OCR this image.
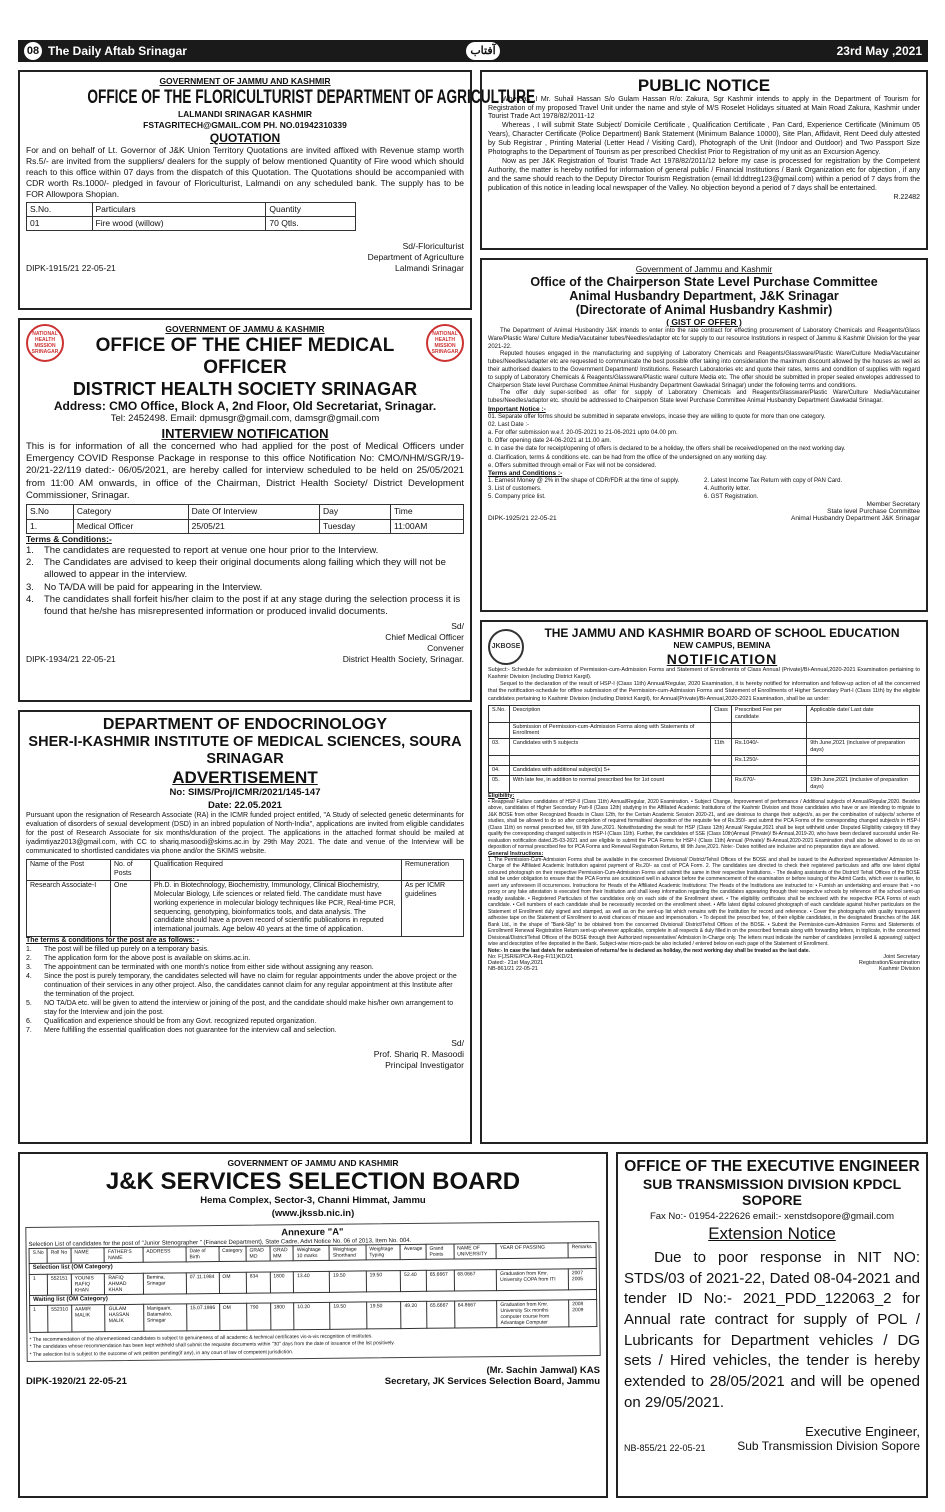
08 The Daily Aftab Srinagar	آفتاب	23rd May ,2021
GOVERNMENT OF JAMMU AND KASHMIR
OFFICE OF THE FLORICULTURIST DEPARTMENT OF AGRICULTURE
LALMANDI SRINAGAR KASHMIR
FSTAGRITECH@GMAIL.COM PH. NO.01942310339
QUOTATION
For and on behalf of Lt. Governor of J&K Union Territory Quotations are invited affixed with Revenue stamp worth Rs.5/- are invited from the suppliers/ dealers for the supply of below mentioned Quantity of Fire wood which should reach to this office within 07 days from the dispatch of this Quotation. The Quotations should be accompanied with CDR worth Rs.1000/- pledged in favour of Floriculturist, Lalmandi on any scheduled bank. The supply has to be FOR Allowpora Shopian.
S.No.	Particulars	Quantity
01	Fire wood (willow)	70 Qtls.
DIPK-1915/21 22-05-21
Sd/-Floriculturist
Department of Agriculture
Lalmandi Srinagar
NATIONAL HEALTH MISSION SRINAGAR
GOVERNMENT OF JAMMU & KASHMIR
OFFICE OF THE CHIEF MEDICAL OFFICER
DISTRICT HEALTH SOCIETY SRINAGAR
NATIONAL HEALTH MISSION SRINAGAR
Address: CMO Office, Block A, 2nd Floor, Old Secretariat, Srinagar.
Tel: 2452498. Email: dpmusgr@gmail.com, damsgr@gmail.com
INTERVIEW NOTIFICATION
This is for information of all the concerned who had applied for the post of Medical Officers under Emergency COVID Response Package in response to this office Notification No: CMO/NHM/SGR/19-20/21-22/119 dated:- 06/05/2021, are hereby called for interview scheduled to be held on 25/05/2021 from 11:00 AM onwards, in office of the Chairman, District Health Society/ District Development Commissioner, Srinagar.
S.No	Category	Date Of Interview	Day	Time
1.	Medical Officer	25/05/21	Tuesday	11:00AM
Terms & Conditions:-
1.	The candidates are requested to report at venue one hour prior to the Interview.
2.	The Candidates are advised to keep their original documents along failing which they will not be allowed to appear in the interview.
3.	No TA/DA will be paid for appearing in the Interview.
4.	The candidates shall forfeit his/her claim to the post if at any stage during the selection process it is found that he/she has misrepresented information or produced invalid documents.
DIPK-1934/21 22-05-21
Sd/
Chief Medical Officer
Convener
District Health Society, Srinagar.
DEPARTMENT OF ENDOCRINOLOGY
SHER-I-KASHMIR INSTITUTE OF MEDICAL SCIENCES, SOURA SRINAGAR
ADVERTISEMENT
No: SIMS/Proj/ICMR/2021/145-147
Date: 22.05.2021
Pursuant upon the resignation of Research Associate (RA) in the ICMR funded project entitled, "A Study of selected genetic determinants for evaluation of disorders of sexual development (DSD) in an inbred population of North-India", applications are invited from eligible candidates for the post of Research Associate for six months/duration of the project. The applications in the attached format should be mailed at iyadimtiyaz2013@gmail.com, with CC to shariq.masoodi@skims.ac.in by 29th May 2021. The date and venue of the Interview will be communicated to shortlisted candidates via phone and/or the SKIMS website.
Name of the Post	No. of Posts	Qualification Required	Remuneration
Research Associate-I	One	Ph.D. in Biotechnology, Biochemistry, Immunology, Clinical Biochemistry, Molecular Biology, Life sciences or related field. The candidate must have working experience in molecular biology techniques like PCR, Real-time PCR, sequencing, genotyping, bioinformatics tools, and data analysis. The candidate should have a proven record of scientific publications in reputed international journals. Age below 40 years at the time of application.	As per ICMR guidelines
The terms & conditions for the post are as follows: -
1.	The post will be filled up purely on a temporary basis.
2.	The application form for the above post is available on skims.ac.in.
3.	The appointment can be terminated with one month's notice from either side without assigning any reason.
4.	Since the post is purely temporary, the candidates selected will have no claim for regular appointments under the above project or the continuation of their services in any other project. Also, the candidates cannot claim for any regular appointment at this Institute after the termination of the project.
5.	NO TA/DA etc. will be given to attend the interview or joining of the post, and the candidate should make his/her own arrangement to stay for the Interview and join the post.
6.	Qualification and experience should be from any Govt. recognized reputed organization.
7.	Mere fulfilling the essential qualification does not guarantee for the interview call and selection.
Sd/
Prof. Shariq R. Masoodi
Principal Investigator
PUBLIC NOTICE
Whereas ,I Mr. Suhail Hassan S/o Gulam Hassan R/o: Zakura, Sgr Kashmir intends to apply in the Department of Tourism for Registration of my proposed Travel Unit under the name and style of M/S Roselet Holidays situated at Main Road Zakura, Kashmir under Tourist Trade Act 1978/82/2011-12
Whereas , I will submit State Subject/ Domicile Certificate , Qualification Certificate , Pan Card, Experience Certificate (Minimum 05 Years), Character Certificate (Police Department) Bank Statement (Minimum Balance 10000), Site Plan, Affidavit, Rent Deed duly attested by Sub Registrar , Printing Material (Letter Head / Visiting Card), Photograph of the Unit (Indoor and Outdoor) and Two Passport Size Photographs to the Department of Tourism as per prescribed Checklist Prior to Registration of my unit as an Excursion Agency.
Now as per J&K Registration of Tourist Trade Act 1978/82/2011/12 before my case is processed for registration by the Competent Authority, the matter is hereby notified for information of general public / Financial Institutions / Bank Organization etc for objection , if any and the same should reach to the Deputy Director Tourism Registration (email Id:ddtreg123@gmail.com) within a period of 7 days from the publication of this notice in leading local newspaper of the Valley. No objection beyond a period of 7 days shall be entertained.
R.22482
Government of Jammu and Kashmir
Office of the Chairperson State Level Purchase Committee
Animal Husbandry Department, J&K Srinagar
(Directorate of Animal Husbandry Kashmir)
( GIST OF OFFER )
The Department of Animal Husbandry J&K intends to enter into the rate contract for effecting procurement of Laboratory Chemicals and Reagents/Glass Ware/Plastic Ware/ Culture Media/Vacutainer tubes/Needles/adaptor etc for supply to our resource Institutions in respect of Jammu & Kashmir Division for the year 2021-22.
Reputed houses engaged in the manufacturing and supplying of Laboratory Chemicals and Reagents/Glassware/Plastic Ware/Culture Media/Vacutainer tubes/Needles/adapter etc are requested to communicate the best possible offer taking into consideration the maximum discount allowed by the houses as well as their authorised dealers to the Government Department/ Institutions. Research Laboratories etc and quote their rates, terms and condition of supplies with regard to supply of Laboratory Chemicals & Reagents/Glassware/Plastic ware/ culture Media etc. The offer should be submitted in proper sealed envelopes addressed to Chairperson State level Purchase Committee Animal Husbandry Department Gawkadal Srinagar) under the following terms and conditions.
The offer duly super-scribed as offer for supply of Laboratory Chemicals and Reagents/Glassware/Plastic Ware/Culture Media/Vacutainer tubes/Needles/adaptor etc. should be addressed to Chairperson State level Purchase Committee Animal Husbandry Department Gawkadal Srinagar.
Important Notice :-
01. Separate offer forms should be submitted in separate envelops, incase they are willing to quote for more than one category.
02. Last Date :-
a. For offer submission w.e.f. 20-05-2021 to 21-06-2021 upto 04.00 pm.
b. Offer opening date 24-06-2021 at 11.00 am.
c. In case the date for receipt/opening of offers is declared to be a holiday, the offers shall be received/opened on the next working day.
d. Clarification, terms & conditions etc. can be had from the office of the undersigned on any working day.
e. Offers submitted through email or Fax will not be considered.
Terms and Conditions :-
1. Earnest Money @ 2% in the shape of CDR/FDR at the time of supply.	2. Latest Income Tax Return with copy of PAN Card.
3. List of customers.	4. Authority letter.
5. Company price list.	6. GST Registration.
DIPK-1925/21 22-05-21
Member Secretary
State level Purchase Committee
Animal Husbandry Department J&K Srinagar
JKBOSE
THE JAMMU AND KASHMIR BOARD OF SCHOOL EDUCATION
NEW CAMPUS, BEMINA
NOTIFICATION
Subject:- Schedule for submission of Permission-cum-Admission Forms and Statement of Enrollments of Class Annual (Private)/Bi-Annual,2020-2021 Examination pertaining to Kashmir Division (including District Kargil).
Sequel to the declaration of the result of HSP-I (Class 11th) Annual/Regular, 2020 Examination, it is hereby notified for information and follow-up action of all the concerned that the notification-schedule for offline submission of the Permission-cum-Admission Forms and Statement of Enrollments of Higher Secondary Part-I (Class 11th) by the eligible candidates pertaining to Kashmir Division (including District Kargil), for Annual(Private)/Bi-Annual,2020-2021 Examination, shall be as under:
S.No.	Description	Class	Prescribed Fee per candidate	Applicable date/ Last date
	Submission of Permission-cum-Admission Forms along with Statements of Enrollment			
03.	Candidates with 5 subjects	11th	Rs.1040/-	9th June,2021 (inclusive of preparation days)
			Rs.1250/-	
04.	Candidates with additional subject(s) 5+			
05.	With late fee, in addition to normal prescribed fee for 1st count		Rs.670/-	19th June,2021 (inclusive of preparation days)
Eligibility:
• Reappear/ Failure candidates of HSP-II (Class 11th) Annual/Regular, 2020 Examination. • Subject Change, Improvement of performance / Additional subjects of Annual/Regular,2020. Besides above, candidates of Higher Secondary Part-II (Class 12th) studying in the Affiliated Academic Institutions of the Kashmir Division and those candidates who have or are intending to migrate to J&K BOSE from other Recognized Boards in Class 12th, for the Certain Academic Session 2020-21, and are desirous to change their subject/s, as per the combination of subjects/ scheme of studies, shall be allowed to do so after completion of required formalities/ deposition of the requisite fee of Rs.350/- and submit the PCA Forms of the corresponding changed subject/s in HSP-I (Class 11th) on normal prescribed fee, till 9th June,2021. Notwithstanding the result for HSP (Class 12th) Annual/ Regular,2021 shall be kept withheld under Disputed Eligibility category till they qualify the corresponding changed subject/s in HSP-I (Class 11th). Further, the candidates of SSE (Class 10th)Annual (Private)/ Bi-Annual,2019-20, who have been declared successful under Re-evaluation notification dated.25-03-2021 and are eligible to submit the PCA Forms for HSP-I (Class 11th) Annual (Private)/ Bi-Annual,2020-2021 Examination shall also be allowed to do so on deposition of normal prescribed fee for PCA Forms and Renewal Registration Returns, till 9th June,2021. Note:- Dates notified are inclusive and no preparation days are allowed.
General Instructions:
1. The Permission-Cum-Admission Forms shall be available in the concerned Divisional/ District/Tehsil Offices of the BOSE and shall be issued to the Authorized representative/ Admission In-Charge of the Affiliated Academic Institution against payment of Rs.20/- as cost of PCA Form. 2. The candidates are directed to check their registered particulars and affix one latest digital coloured photograph on their respective Permission-Cum-Admission Forms and submit the same in their respective Institutions. - The dealing assistants of the District/ Tehsil Offices of the BOSE shall be under obligation to ensure that the PCA Forms are scrutinized well in advance before the commencement of the examination or before issuing of the Admit Cards, which ever is earlier, to avert any unforeseen ill occurrences. Instructions for Heads of the Affiliated Academic Institutions: The Heads of the Institutions are instructed to: • Furnish an undertaking and ensure that: • no proxy or any fake attestation is executed from their Institution and shall keep information regarding the candidates appearing through their respective schools by reference of the school sent-up readily available. • Registered Particulars of five candidates only on each side of the Enrollment sheet. • The eligibility certificates shall be enclosed with the respective PCA Forms of each candidate. • Cell numbers of each candidate shall be necessarily recorded on the enrollment sheet. • Affix latest digital coloured photograph of each candidate against his/her particulars on the Statement of Enrollment duly signed and stamped, as well as on the sent-up list which remains with the Institution for record and reference. • Cover the photographs with quality transparent adhesive tape on the Statement of Enrollment to avoid chances of misuse and impersonation. • To deposit the prescribed fee, of their eligible candidates, in the designated Branches of the J&K Bank Ltd., in the shape of "Bank-Slip" to be obtained from the concerned Divisional/ District/Tehsil Offices of the BOSE. • Submit the Permission-cum-Admission Forms and Statements of Enrollment/ Renewal Registration Return sent-up wherever applicable, complete in all respects & duly filled in on the prescribed formats along with forwarding letters, in triplicate, in the concerned Divisional/District/Tehsil Offices of the BOSE through their Authorized representative/ Admission In-Charge only. The letters must indicate the number of candidates (enrolled & appearing) subject wise and description of fee deposited in the Bank. Subject-wise micro-pack be also included / entered below on each page of the Statement of Enrollment.
Note:- In case the last date/s for submission of returns/ fee is declared as holiday, the next working day shall be treated as the last date.
No: F(JSR/E/PCA-Reg-F/11)KD/21
Dated:- 21st May,2021
NB-861/21 22-05-21
Joint Secretary
Registration/Examination
Kashmir Division
GOVERNMENT OF JAMMU AND KASHMIR
J&K SERVICES SELECTION BOARD
Hema Complex, Sector-3, Channi Himmat, Jammu
(www.jkssb.nic.in)
Annexure "A"
Selection List of candidates for the post of "Junior Stenographer " (Finance Department), State Cadre, Advt Notice No. 06 of 2013, Item No. 004.
S.No	Roll No	NAME	FATHER'S NAME	ADDRESS	Date of Birth	Category	GRAD MO	GRAD MM	Weightage 10 marks	Weightage Shorthand	Weightage Typing	Average	Grand Points	NAME OF UNIVERSITY	YEAR OF PASSING	Remarks
Selection list (OM Category)																
1	552151	YOUNIS RAFIQ KHAN	RAFIQ AHMAD KHAN	Bemina, Srinagar	07.11.1984	OM	834	1800	13.40	19.50	19.50	52.40	65.6667	68.0667	Graduation from Kmr. University COPA from ITI	2007 2005
Waiting list (OM Category)																
1	552310	AAMIR MALIK	GULAM HASSAN MALIK	Manigaam, Batamaloo, Srinagar	15.07.1986	OM	790	1800	10.20	19.50	19.50	49.20	65.6667	64.8667	Graduation from Kmr. University Six months computer course from Advantage Computer	2008 2009
* The recommendation of the aforementioned candidates is subject to genuineness of all academic & technical certificates vis-a-vis recognition of institutes.
* The candidates whose recommendation has been kept withheld shall submit the requisite documents within "30" days from the date of issuance of the list positively.
* The selection list is subject to the outcome of writ petition pending(if any), in any court of law of competent jurisdiction.
DIPK-1920/21 22-05-21
(Mr. Sachin Jamwal) KAS
Secretary, JK Services Selection Board, Jammu
OFFICE OF THE EXECUTIVE ENGINEER
SUB TRANSMISSION DIVISION KPDCL SOPORE
Fax No:- 01954-222626 email:- xenstdsopore@gmail.com
Extension Notice
Due to poor response in NIT NO: STDS/03 of 2021-22, Dated 08-04-2021 and tender ID No:- 2021_PDD_122063_2 for Annual rate contract for supply of POL / Lubricants for Department vehicles / DG sets / Hired vehicles, the tender is hereby extended to 28/05/2021 and will be opened on 29/05/2021.
Executive Engineer,
NB-855/21 22-05-21	Sub Transmission Division Sopore
